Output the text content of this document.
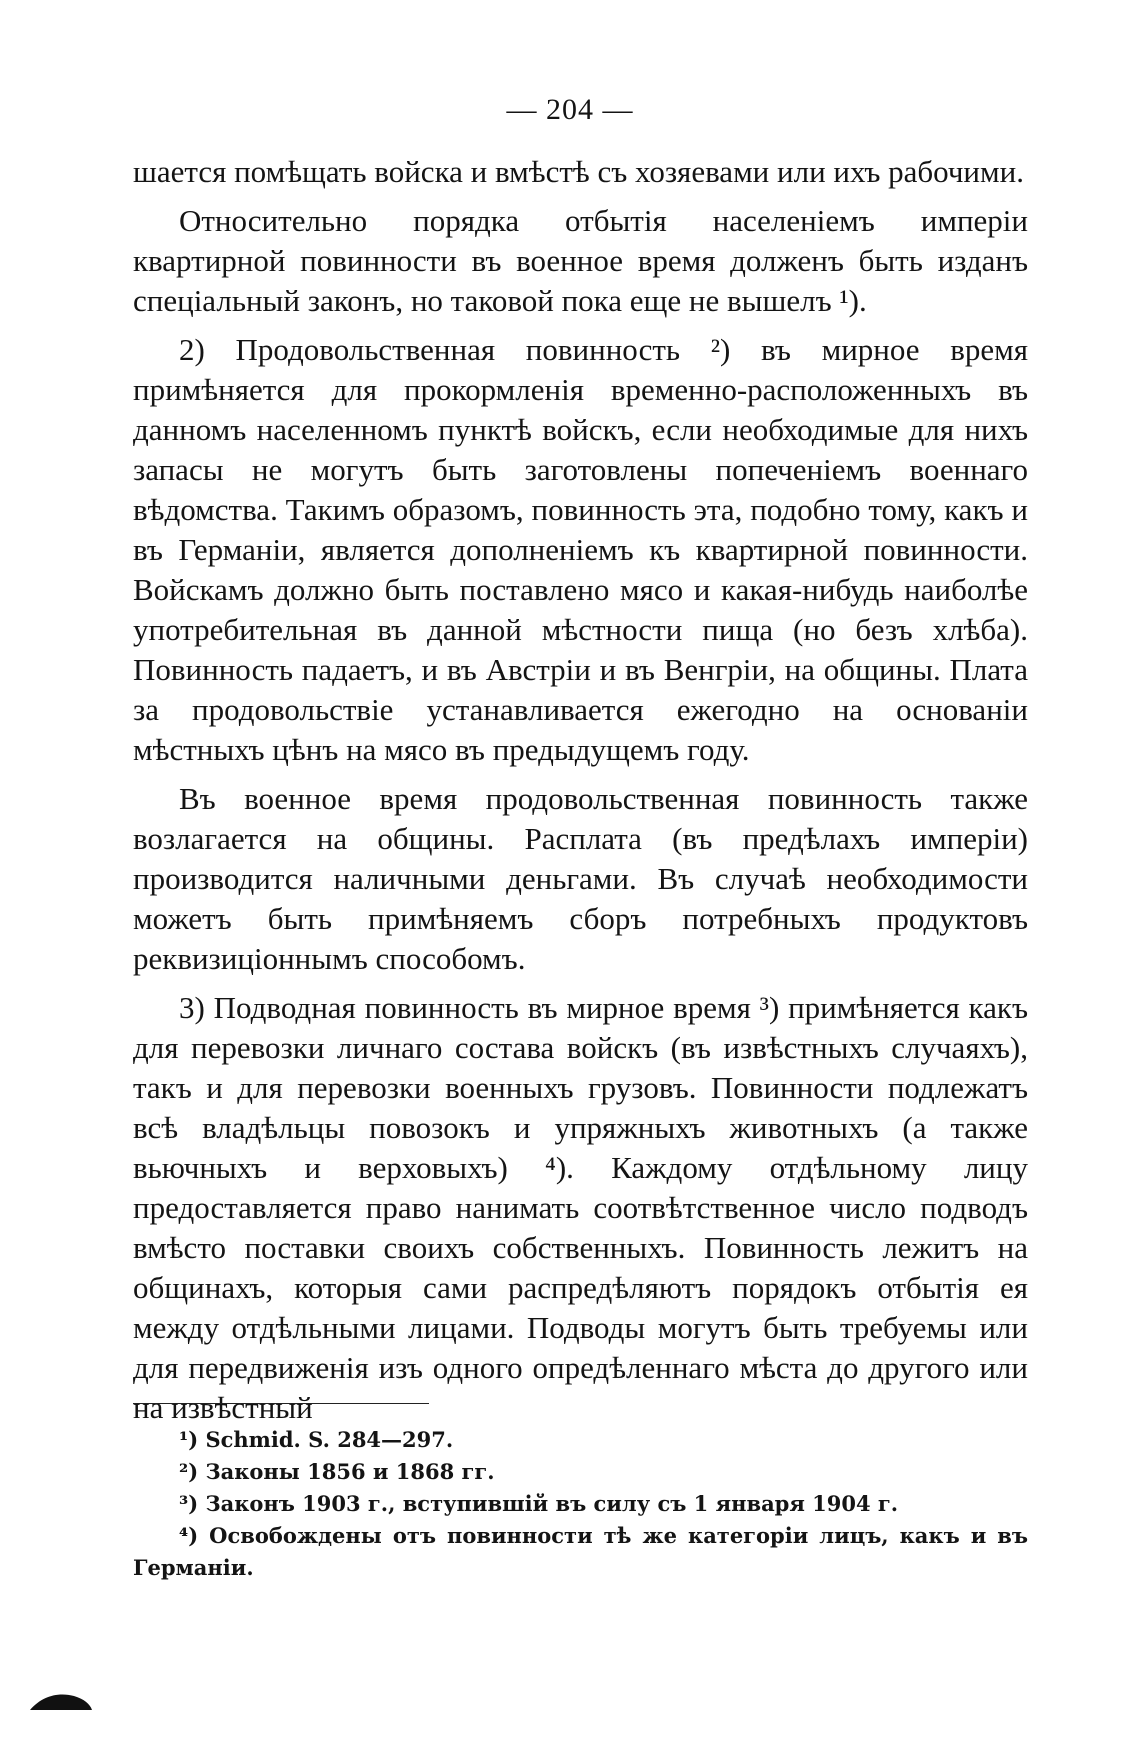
— 204 —

шается помѣщать войска и вмѣстѣ съ хозяевами или ихъ рабочими.

Относительно порядка отбытія населеніемъ имперіи квартирной повинности въ военное время долженъ быть изданъ спеціальный законъ, но таковой пока еще не вышелъ ¹).

2) Продовольственная повинность ²) въ мирное время примѣняется для прокормленія временно-расположенныхъ въ данномъ населенномъ пунктѣ войскъ, если необходимые для нихъ запасы не могутъ быть заготовлены попеченіемъ военнаго вѣдомства. Такимъ образомъ, повинность эта, подобно тому, какъ и въ Германіи, является дополненіемъ къ квартирной повинности. Войскамъ должно быть поставлено мясо и какая-нибудь наиболѣе употребительная въ данной мѣстности пища (но безъ хлѣба). Повинность падаетъ, и въ Австріи и въ Венгріи, на общины. Плата за продовольствіе устанавливается ежегодно на основаніи мѣстныхъ цѣнъ на мясо въ предыдущемъ году.

Въ военное время продовольственная повинность также возлагается на общины. Расплата (въ предѣлахъ имперіи) производится наличными деньгами. Въ случаѣ необходимости можетъ быть примѣняемъ сборъ потребныхъ продуктовъ реквизиціоннымъ способомъ.

3) Подводная повинность въ мирное время ³) примѣняется какъ для перевозки личнаго состава войскъ (въ извѣстныхъ случаяхъ), такъ и для перевозки военныхъ грузовъ. Повинности подлежатъ всѣ владѣльцы повозокъ и упряжныхъ животныхъ (а также вьючныхъ и верховыхъ) ⁴). Каждому отдѣльному лицу предоставляется право нанимать соотвѣтственное число подводъ вмѣсто поставки своихъ собственныхъ. Повинность лежитъ на общинахъ, которыя сами распредѣляютъ порядокъ отбытія ея между отдѣльными лицами. Подводы могутъ быть требуемы или для передвиженія изъ одного опредѣленнаго мѣста до другого или на извѣстный

¹) Schmid. S. 284—297.

²) Законы 1856 и 1868 гг.

³) Законъ 1903 г., вступившій въ силу съ 1 января 1904 г.

⁴) Освобождены отъ повинности тѣ же категоріи лицъ, какъ и въ Германіи.
